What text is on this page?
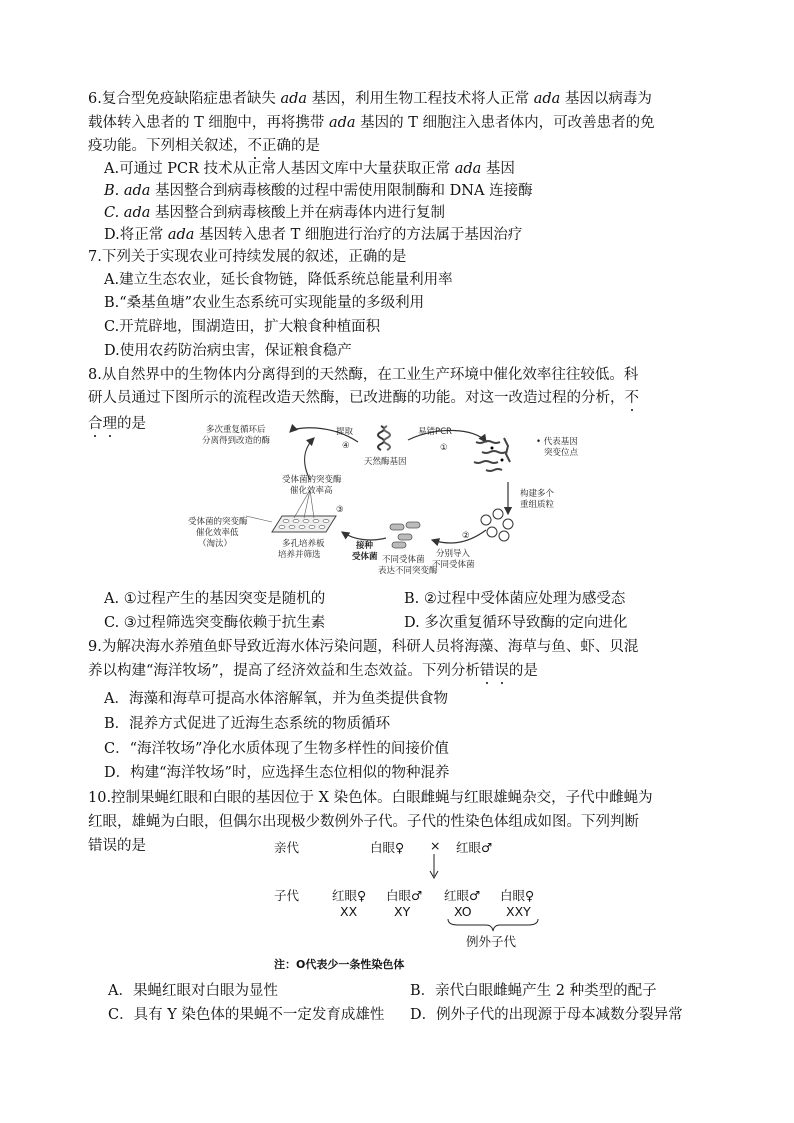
6.复合型免疫缺陷症患者缺失 ada 基因，利用生物工程技术将人正常 ada 基因以病毒为
载体转入患者的 T 细胞中，再将携带 ada 基因的 T 细胞注入患者体内，可改善患者的免
疫功能。下列相关叙述，不正确的是
A.可通过 PCR 技术从正常人基因文库中大量获取正常 ada 基因
B. ada 基因整合到病毒核酸的过程中需使用限制酶和 DNA 连接酶
C. ada 基因整合到病毒核酸上并在病毒体内进行复制
D.将正常 ada 基因转入患者 T 细胞进行治疗的方法属于基因治疗
7.下列关于实现农业可持续发展的叙述，正确的是
A.建立生态农业，延长食物链，降低系统总能量利用率
B.“桑基鱼塘”农业生态系统可实现能量的多级利用
C.开荒辟地，围湖造田，扩大粮食种植面积
D.使用农药防治病虫害，保证粮食稳产
8.从自然界中的生物体内分离得到的天然酶，在工业生产环境中催化效率往往较低。科
研人员通过下图所示的流程改造天然酶，已改进酶的功能。对这一改造过程的分析，不
合理的是	多次重复循环后
分离得到改造的酶
提取
④
天然酶基因
易错PCR
①
• 代表基因
突变位点
构建多个
重组质粒
②
分别导入
不同受体菌
不同受体菌
表达不同突变酶
接种
受体菌
受体菌的突变酶
催化效率高
③
受体菌的突变酶
催化效率低
（淘汰）	多孔培养板
培养并筛选
A. ①过程产生的基因突变是随机的	B. ②过程中受体菌应处理为感受态
C. ③过程筛选突变酶依赖于抗生素	D. 多次重复循环导致酶的定向进化
9.为解决海水养殖鱼虾导致近海水体污染问题，科研人员将海藻、海草与鱼、虾、贝混
养以构建“海洋牧场”，提高了经济效益和生态效益。下列分析错误的是
A．海藻和海草可提高水体溶解氧，并为鱼类提供食物
B．混养方式促进了近海生态系统的物质循环
C．“海洋牧场”净化水质体现了生物多样性的间接价值
D．构建“海洋牧场”时，应选择生态位相似的物种混养
10.控制果蝇红眼和白眼的基因位于 X 染色体。白眼雌蝇与红眼雄蝇杂交，子代中雌蝇为
红眼，雄蝇为白眼，但偶尔出现极少数例外子代。子代的性染色体组成如图。下列判断
错误的是	亲代	白眼♀ × 红眼♂
子代	红眼♀
XX
白眼♂
XY
红眼♂
XO
白眼♀
XXY
例外子代
注：O代表少一条性染色体
A．果蝇红眼对白眼为显性	B．亲代白眼雌蝇产生 2 种类型的配子
C．具有 Y 染色体的果蝇不一定发育成雄性 D．例外子代的出现源于母本减数分裂异常
